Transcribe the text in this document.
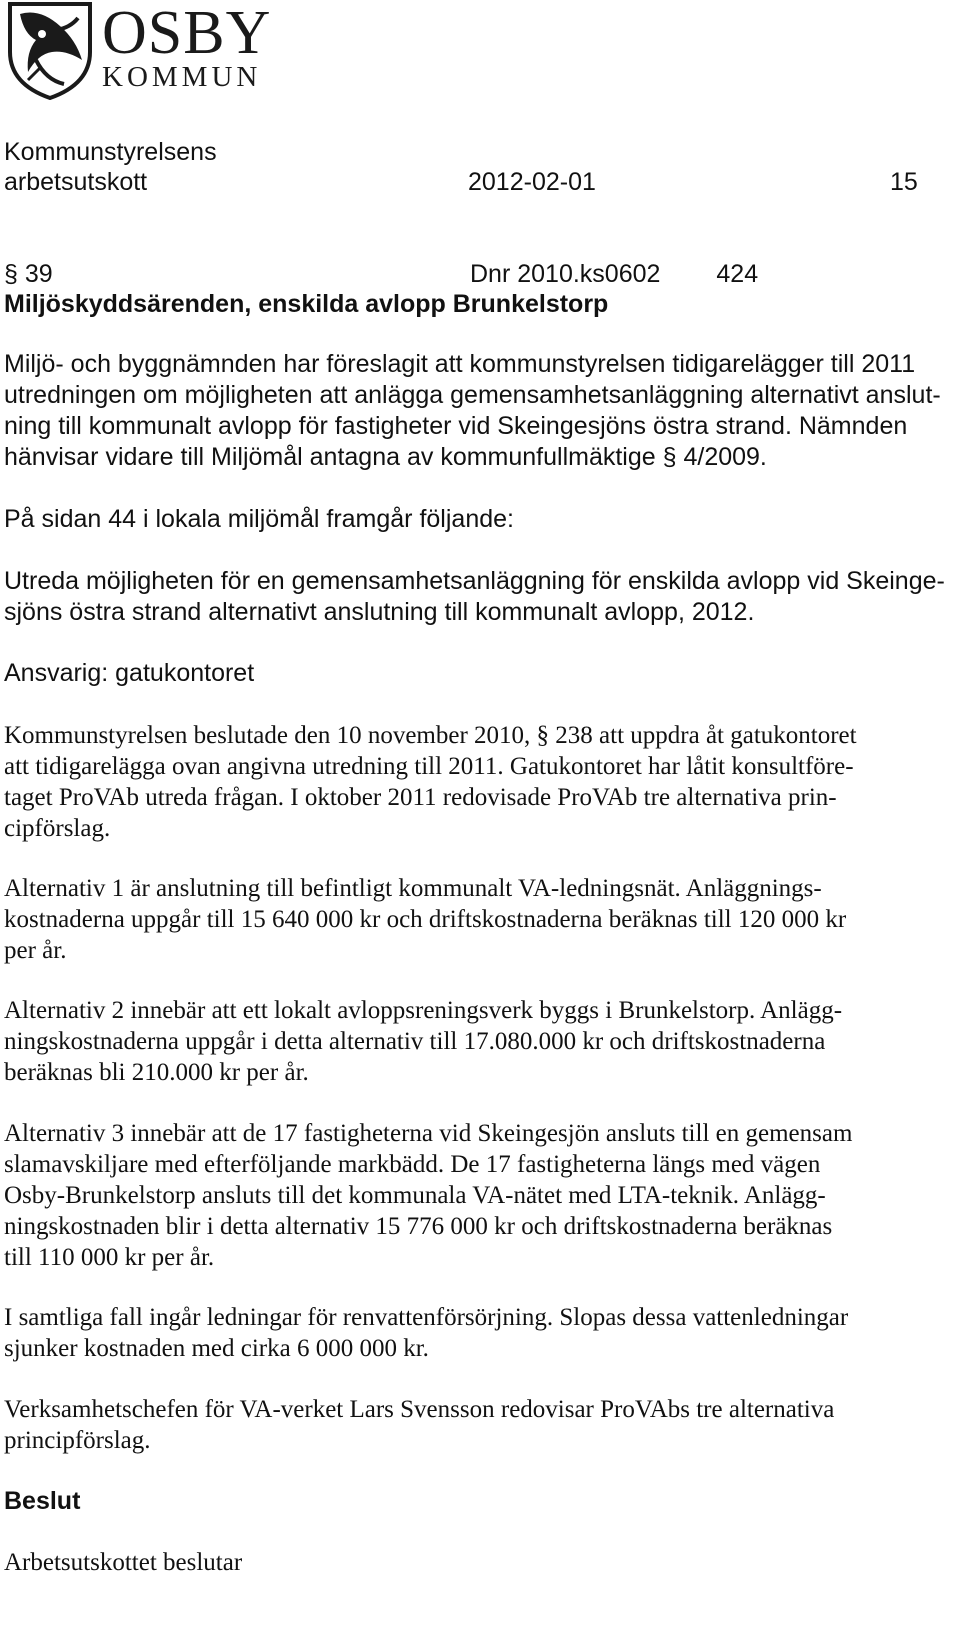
OSBY
KOMMUN
Kommunstyrelsens
arbetsutskott	2012-02-01	15
§ 39	Dnr 2010.ks0602 424
Miljöskyddsärenden, enskilda avlopp Brunkelstorp
Miljö- och byggnämnden har föreslagit att kommunstyrelsen tidigarelägger till 2011
utredningen om möjligheten att anlägga gemensamhetsanläggning alternativt anslut-
ning till kommunalt avlopp för fastigheter vid Skeingesjöns östra strand. Nämnden
hänvisar vidare till Miljömål antagna av kommunfullmäktige § 4/2009.
På sidan 44 i lokala miljömål framgår följande:
Utreda möjligheten för en gemensamhetsanläggning för enskilda avlopp vid Skeinge-
sjöns östra strand alternativt anslutning till kommunalt avlopp, 2012.
Ansvarig: gatukontoret
Kommunstyrelsen beslutade den 10 november 2010, § 238 att uppdra åt gatukontoret
att tidigarelägga ovan angivna utredning till 2011. Gatukontoret har låtit konsultföre-
taget ProVAb utreda frågan. I oktober 2011 redovisade ProVAb tre alternativa prin-
cipförslag.
Alternativ 1 är anslutning till befintligt kommunalt VA-ledningsnät. Anläggnings-
kostnaderna uppgår till 15 640 000 kr och driftskostnaderna beräknas till 120 000 kr
per år.
Alternativ 2 innebär att ett lokalt avloppsreningsverk byggs i Brunkelstorp. Anlägg-
ningskostnaderna uppgår i detta alternativ till 17.080.000 kr och driftskostnaderna
beräknas bli 210.000 kr per år.
Alternativ 3 innebär att de 17 fastigheterna vid Skeingesjön ansluts till en gemensam
slamavskiljare med efterföljande markbädd. De 17 fastigheterna längs med vägen
Osby-Brunkelstorp ansluts till det kommunala VA-nätet med LTA-teknik. Anlägg-
ningskostnaden blir i detta alternativ 15 776 000 kr och driftskostnaderna beräknas
till 110 000 kr per år.
I samtliga fall ingår ledningar för renvattenförsörjning. Slopas dessa vattenledningar
sjunker kostnaden med cirka 6 000 000 kr.
Verksamhetschefen för VA-verket Lars Svensson redovisar ProVAbs tre alternativa
principförslag.
Beslut
Arbetsutskottet beslutar
